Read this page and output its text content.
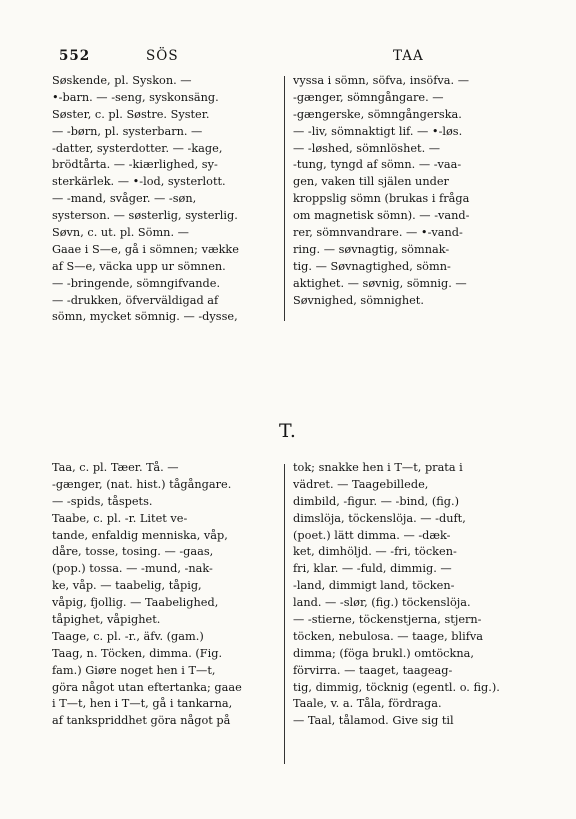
552	SÖS	TAA
Søskende, pl. Syskon. —
•-barn. — -seng, syskonsäng.
Søster, c. pl. Søstre. Syster.
— -børn, pl. systerbarn. —
-datter, systerdotter. — -kage,
brödtårta. — -kiærlighed, sy-
sterkärlek. — •-lod, systerlott.
— -mand, svåger. — -søn,
systerson. — søsterlig, systerlig.
Søvn, c. ut. pl. Sömn. —
Gaae i S—e, gå i sömnen; vække
af S—e, väcka upp ur sömnen.
— -bringende, sömngifvande.
— -drukken, öfverväldigad af
sömn, mycket sömnig. — -dysse,
vyssa i sömn, söfva, insöfva. —
-gænger, sömngångare. —
-gængerske, sömngångerska.
— -liv, sömnaktigt lif. — •-løs.
— -løshed, sömnlöshet. —
-tung, tyngd af sömn. — -vaa-
gen, vaken till själen under
kroppslig sömn (brukas i fråga
om magnetisk sömn). — -vand-
rer, sömnvandrare. — •-vand-
ring. — søvnagtig, sömnak-
tig. — Søvnagtighed, sömn-
aktighet. — søvnig, sömnig. —
Søvnighed, sömnighet.
T.
Taa, c. pl. Tæer. Tå. —
-gænger, (nat. hist.) tågångare.
— -spids, tåspets.
Taabe, c. pl. -r. Litet ve-
tande, enfaldig menniska, våp,
dåre, tosse, tosing. — -gaas,
(pop.) tossa. — -mund, -nak-
ke, våp. — taabelig, tåpig,
våpig, fjollig. — Taabelighed,
tåpighet, våpighet.
Taage, c. pl. -r., äfv. (gam.)
Taag, n. Töcken, dimma. (Fig.
fam.) Giøre noget hen i T—t,
göra något utan eftertanka; gaae
i T—t, hen i T—t, gå i tankarna,
af tankspriddhet göra något på
tok; snakke hen i T—t, prata i
vädret. — Taagebillede,
dimbild, -figur. — -bind, (fig.)
dimslöja, töckenslöja. — -duft,
(poet.) lätt dimma. — -dæk-
ket, dimhöljd. — -fri, töcken-
fri, klar. — -fuld, dimmig. —
-land, dimmigt land, töcken-
land. — -slør, (fig.) töckenslöja.
— -stierne, töckenstjerna, stjern-
töcken, nebulosa. — taage, blifva
dimma; (föga brukl.) omtöckna,
förvirra. — taaget, taageag-
tig, dimmig, töcknig (egentl. o. fig.).
Taale, v. a. Tåla, fördraga.
— Taal, tålamod. Give sig til
